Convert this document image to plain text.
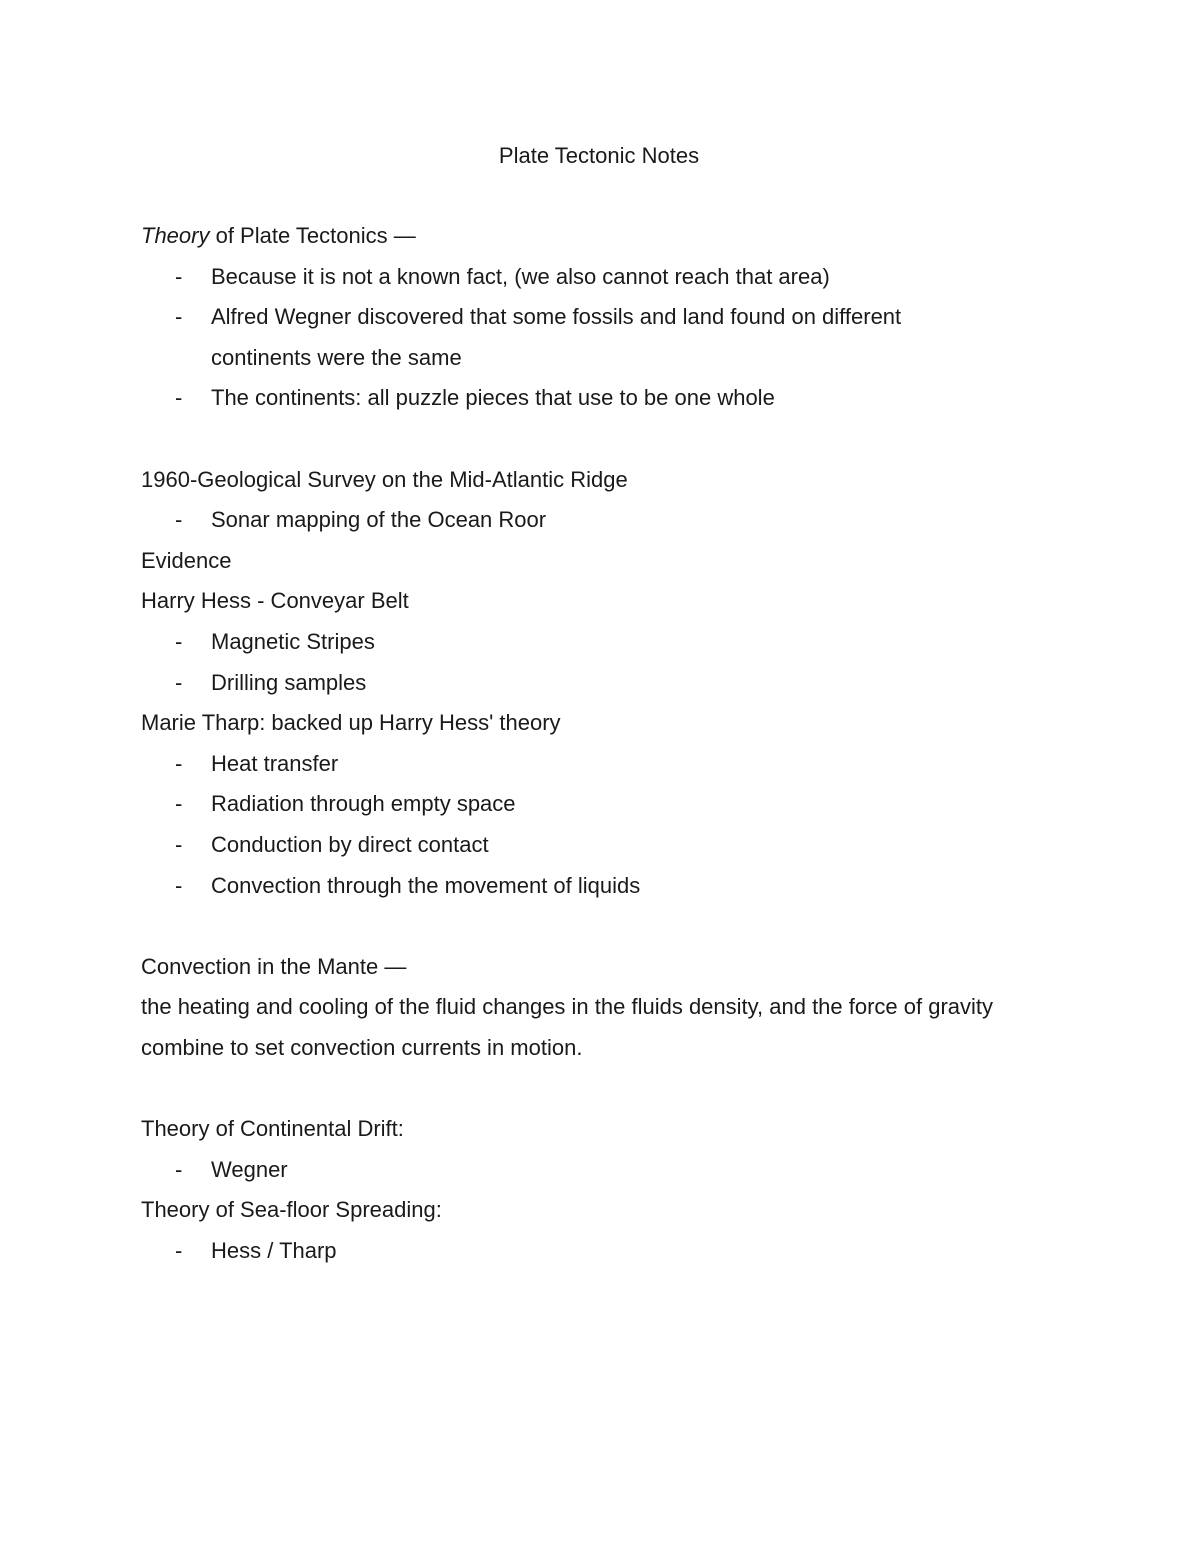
Plate Tectonic Notes
Theory of Plate Tectonics —
- Because it is not a known fact, (we also cannot reach that area)
- Alfred Wegner discovered that some fossils and land found on different
continents were the same
- The continents: all puzzle pieces that use to be one whole
1960-Geological Survey on the Mid-Atlantic Ridge
- Sonar mapping of the Ocean Roor
Evidence
Harry Hess - Conveyar Belt
- Magnetic Stripes
- Drilling samples
Marie Tharp: backed up Harry Hess' theory
- Heat transfer
- Radiation through empty space
- Conduction by direct contact
- Convection through the movement of liquids
Convection in the Mante —
the heating and cooling of the fluid changes in the fluids density, and the force of gravity
combine to set convection currents in motion.
Theory of Continental Drift:
- Wegner
Theory of Sea-floor Spreading:
- Hess / Tharp
